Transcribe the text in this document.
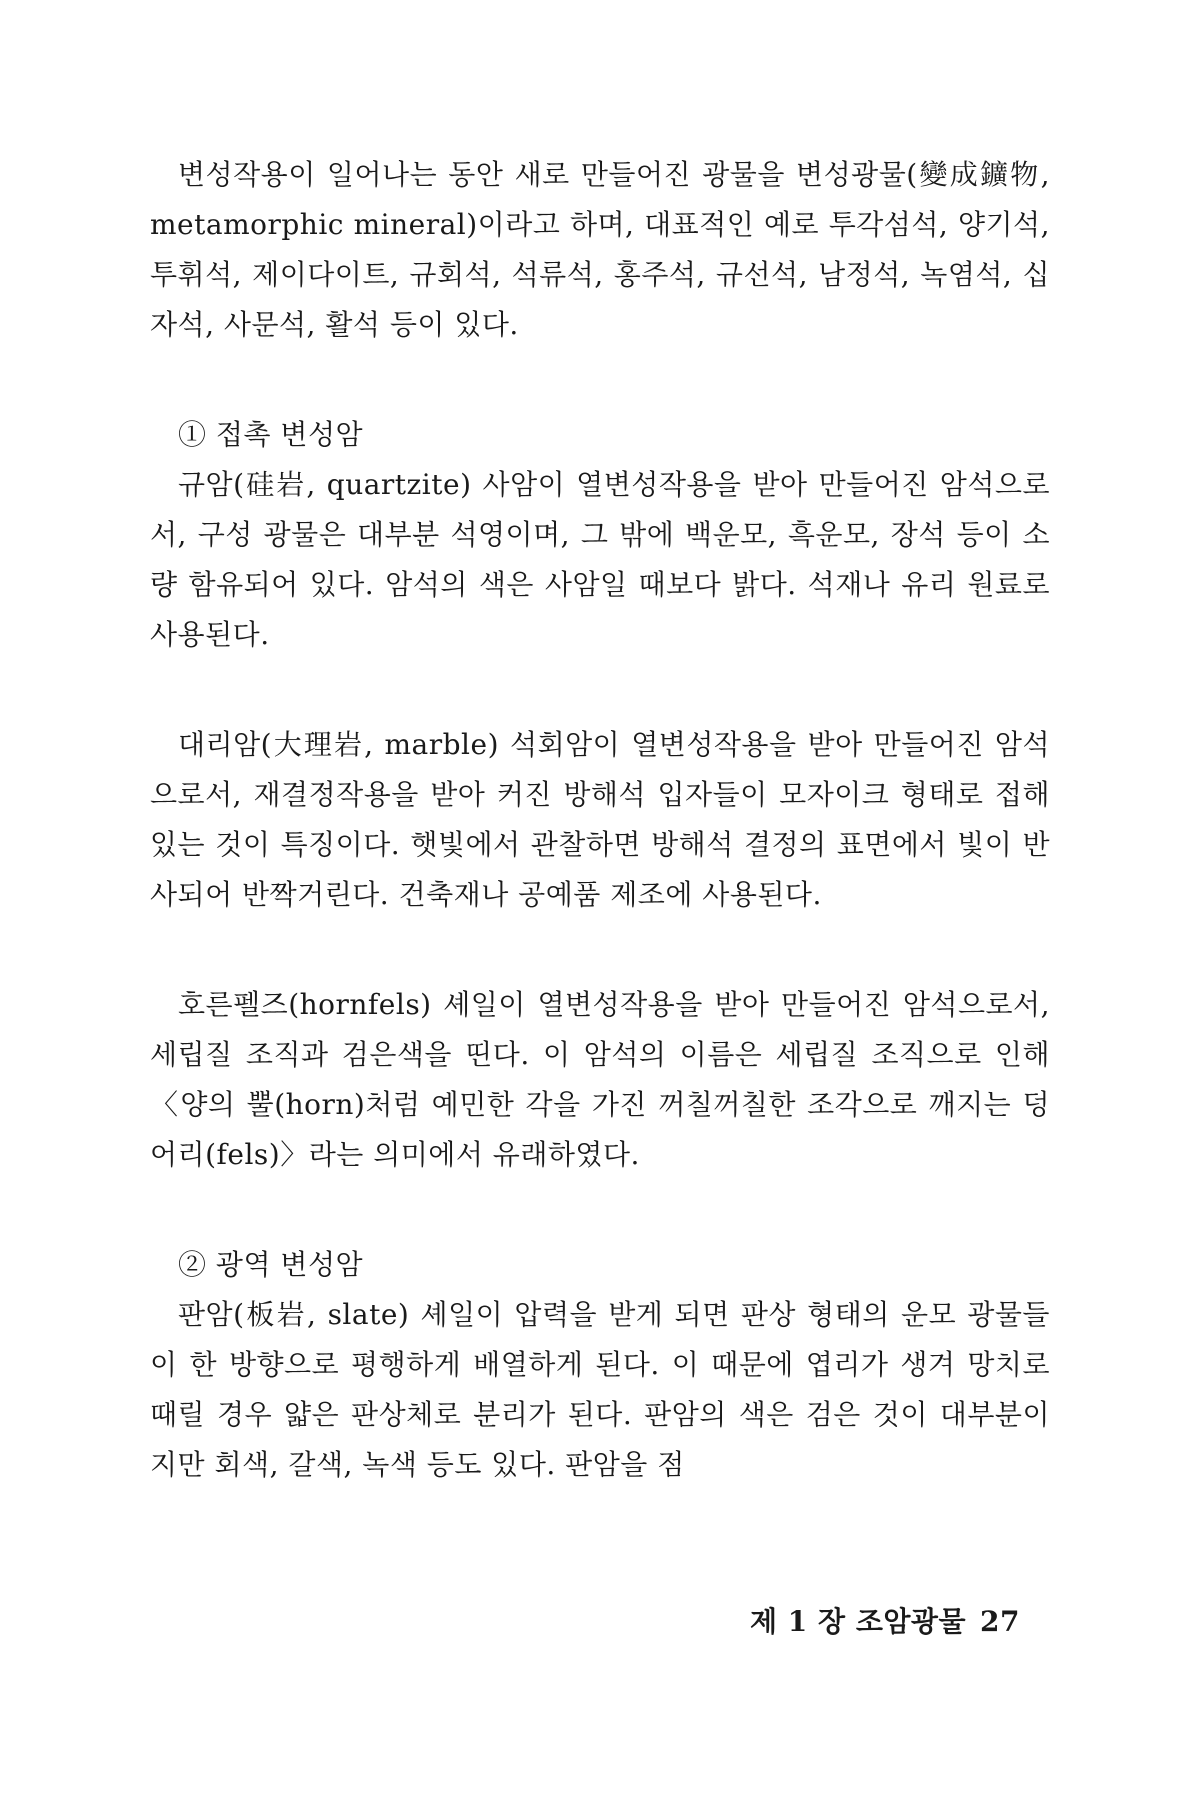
변성작용이 일어나는 동안 새로 만들어진 광물을 변성광물(變成鑛物, metamorphic mineral)이라고 하며, 대표적인 예로 투각섬석, 양기석, 투휘석, 제이다이트, 규회석, 석류석, 홍주석, 규선석, 남정석, 녹염석, 십자석, 사문석, 활석 등이 있다.

① 접촉 변성암

규암(硅岩, quartzite) 사암이 열변성작용을 받아 만들어진 암석으로서, 구성 광물은 대부분 석영이며, 그 밖에 백운모, 흑운모, 장석 등이 소량 함유되어 있다. 암석의 색은 사암일 때보다 밝다. 석재나 유리 원료로 사용된다.

대리암(大理岩, marble) 석회암이 열변성작용을 받아 만들어진 암석으로서, 재결정작용을 받아 커진 방해석 입자들이 모자이크 형태로 접해 있는 것이 특징이다. 햇빛에서 관찰하면 방해석 결정의 표면에서 빛이 반사되어 반짝거린다. 건축재나 공예품 제조에 사용된다.

호른펠즈(hornfels) 셰일이 열변성작용을 받아 만들어진 암석으로서, 세립질 조직과 검은색을 띤다. 이 암석의 이름은 세립질 조직으로 인해 〈양의 뿔(horn)처럼 예민한 각을 가진 꺼칠꺼칠한 조각으로 깨지는 덩어리(fels)〉라는 의미에서 유래하였다.

② 광역 변성암

판암(板岩, slate) 셰일이 압력을 받게 되면 판상 형태의 운모 광물들이 한 방향으로 평행하게 배열하게 된다. 이 때문에 엽리가 생겨 망치로 때릴 경우 얇은 판상체로 분리가 된다. 판암의 색은 검은 것이 대부분이지만 회색, 갈색, 녹색 등도 있다. 판암을 점

제 1 장 조암광물 27
